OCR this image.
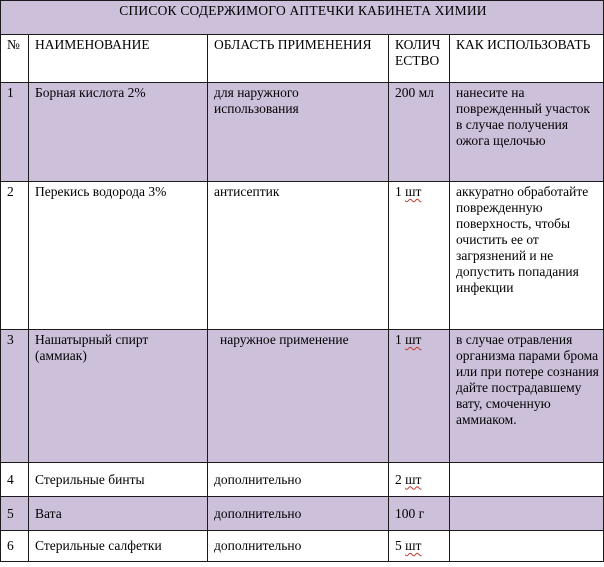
СПИСОК СОДЕРЖИМОГО АПТЕЧКИ КАБИНЕТА ХИМИИ				
№	НАИМЕНОВАНИЕ	ОБЛАСТЬ ПРИМЕНЕНИЯ	КОЛИЧ ЕСТВО	КАК ИСПОЛЬЗОВАТЬ
1	Борная кислота 2%	для наружного использования	200 мл	нанесите на поврежденный участок в случае получения ожога щелочью
2	Перекись водорода 3%	антисептик	1 шт	аккуратно обработайте поврежденную поверхность, чтобы очистить ее от загрязнений и не допустить попадания инфекции
3	Нашатырный спирт (аммиак)	наружное применение	1 шт	в случае отравления организма парами брома или при потере сознания дайте пострадавшему вату, смоченную аммиаком.
4	Стерильные бинты	дополнительно	2 шт	
5	Вата	дополнительно	100 г	
6	Стерильные салфетки	дополнительно	5 шт	
